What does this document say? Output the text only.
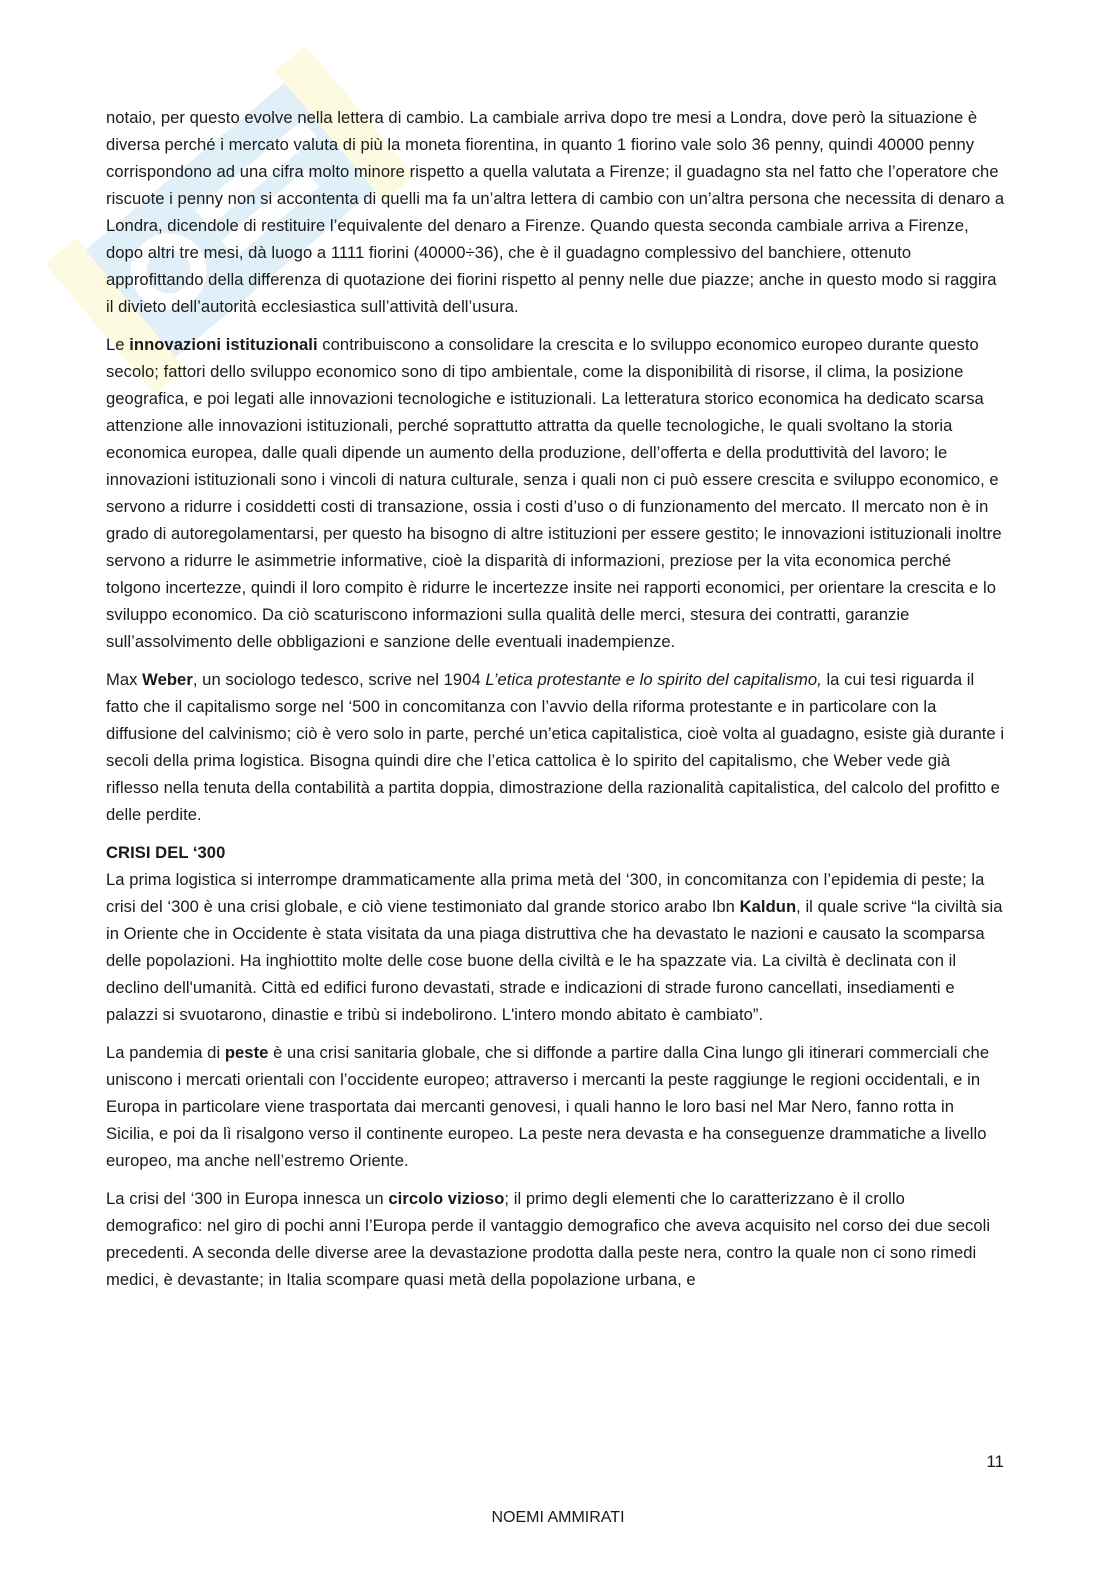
notaio, per questo evolve nella lettera di cambio. La cambiale arriva dopo tre mesi a Londra, dove però la situazione è diversa perché i mercato valuta di più la moneta fiorentina, in quanto 1 fiorino vale solo 36 penny, quindi 40000 penny corrispondono ad una cifra molto minore rispetto a quella valutata a Firenze; il guadagno sta nel fatto che l’operatore che riscuote i penny non si accontenta di quelli ma fa un’altra lettera di cambio con un’altra persona che necessita di denaro a Londra, dicendole di restituire l’equivalente del denaro a Firenze. Quando questa seconda cambiale arriva a Firenze, dopo altri tre mesi, dà luogo a 1111 fiorini (40000÷36), che è il guadagno complessivo del banchiere, ottenuto approfittando della differenza di quotazione dei fiorini rispetto al penny nelle due piazze; anche in questo modo si raggira il divieto dell’autorità ecclesiastica sull’attività dell’usura.

Le innovazioni istituzionali contribuiscono a consolidare la crescita e lo sviluppo economico europeo durante questo secolo; fattori dello sviluppo economico sono di tipo ambientale, come la disponibilità di risorse, il clima, la posizione geografica, e poi legati alle innovazioni tecnologiche e istituzionali. La letteratura storico economica ha dedicato scarsa attenzione alle innovazioni istituzionali, perché soprattutto attratta da quelle tecnologiche, le quali svoltano la storia economica europea, dalle quali dipende un aumento della produzione, dell’offerta e della produttività del lavoro; le innovazioni istituzionali sono i vincoli di natura culturale, senza i quali non ci può essere crescita e sviluppo economico, e servono a ridurre i cosiddetti costi di transazione, ossia i costi d’uso o di funzionamento del mercato. Il mercato non è in grado di autoregolamentarsi, per questo ha bisogno di altre istituzioni per essere gestito; le innovazioni istituzionali inoltre servono a ridurre le asimmetrie informative, cioè la disparità di informazioni, preziose per la vita economica perché tolgono incertezze, quindi il loro compito è ridurre le incertezze insite nei rapporti economici, per orientare la crescita e lo sviluppo economico. Da ciò scaturiscono informazioni sulla qualità delle merci, stesura dei contratti, garanzie sull’assolvimento delle obbligazioni e sanzione delle eventuali inadempienze.

Max Weber, un sociologo tedesco, scrive nel 1904 L’etica protestante e lo spirito del capitalismo, la cui tesi riguarda il fatto che il capitalismo sorge nel ‘500 in concomitanza con l’avvio della riforma protestante e in particolare con la diffusione del calvinismo; ciò è vero solo in parte, perché un’etica capitalistica, cioè volta al guadagno, esiste già durante i secoli della prima logistica. Bisogna quindi dire che l’etica cattolica è lo spirito del capitalismo, che Weber vede già riflesso nella tenuta della contabilità a partita doppia, dimostrazione della razionalità capitalistica, del calcolo del profitto e delle perdite.

CRISI DEL ‘300

La prima logistica si interrompe drammaticamente alla prima metà del ‘300, in concomitanza con l’epidemia di peste; la crisi del ‘300 è una crisi globale, e ciò viene testimoniato dal grande storico arabo Ibn Kaldun, il quale scrive “la civiltà sia in Oriente che in Occidente è stata visitata da una piaga distruttiva che ha devastato le nazioni e causato la scomparsa delle popolazioni. Ha inghiottito molte delle cose buone della civiltà e le ha spazzate via. La civiltà è declinata con il declino dell'umanità. Città ed edifici furono devastati, strade e indicazioni di strade furono cancellati, insediamenti e palazzi si svuotarono, dinastie e tribù si indebolirono. L'intero mondo abitato è cambiato”.

La pandemia di peste è una crisi sanitaria globale, che si diffonde a partire dalla Cina lungo gli itinerari commerciali che uniscono i mercati orientali con l’occidente europeo; attraverso i mercanti la peste raggiunge le regioni occidentali, e in Europa in particolare viene trasportata dai mercanti genovesi, i quali hanno le loro basi nel Mar Nero, fanno rotta in Sicilia, e poi da lì risalgono verso il continente europeo. La peste nera devasta e ha conseguenze drammatiche a livello europeo, ma anche nell’estremo Oriente.

La crisi del ‘300 in Europa innesca un circolo vizioso; il primo degli elementi che lo caratterizzano è il crollo demografico: nel giro di pochi anni l’Europa perde il vantaggio demografico che aveva acquisito nel corso dei due secoli precedenti. A seconda delle diverse aree la devastazione prodotta dalla peste nera, contro la quale non ci sono rimedi medici, è devastante; in Italia scompare quasi metà della popolazione urbana, e

11
NOEMI AMMIRATI
